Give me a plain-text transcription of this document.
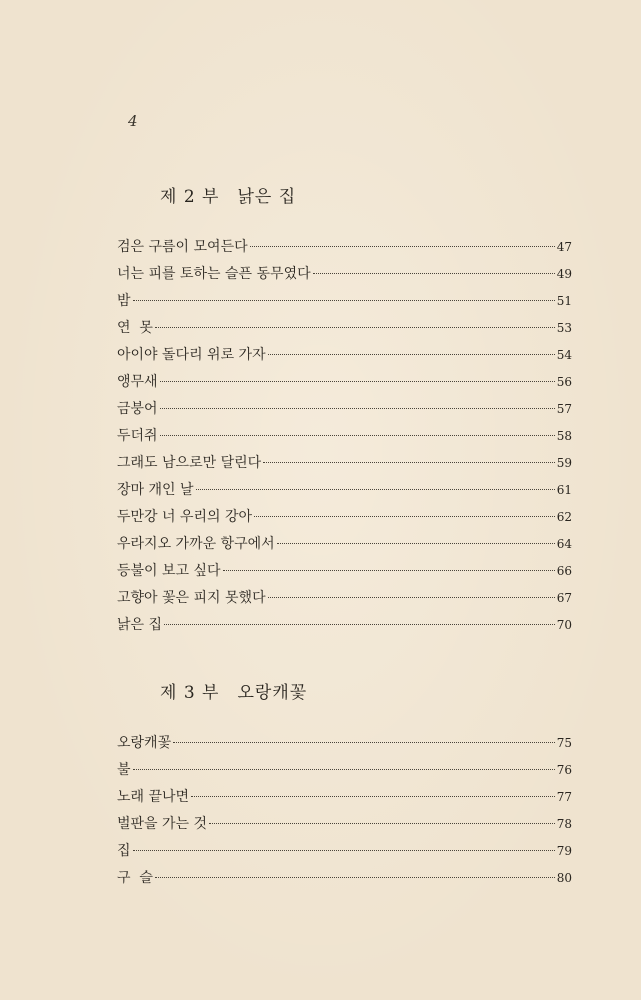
4
제 2 부 낡은 집
검은 구름이 모여든다	47
너는 피를 토하는 슬픈 동무였다	49
밤	51
연  못	53
아이야 돌다리 위로 가자	54
앵무새	56
금붕어	57
두더쥐	58
그래도 남으로만 달린다	59
장마 개인 날	61
두만강 너 우리의 강아	62
우라지오 가까운 항구에서	64
등불이 보고 싶다	66
고향아 꽃은 피지 못했다	67
낡은 집	70
제 3 부 오랑캐꽃
오랑캐꽃	75
불	76
노래 끝나면	77
벌판을 가는 것	78
집	79
구  슬	80
